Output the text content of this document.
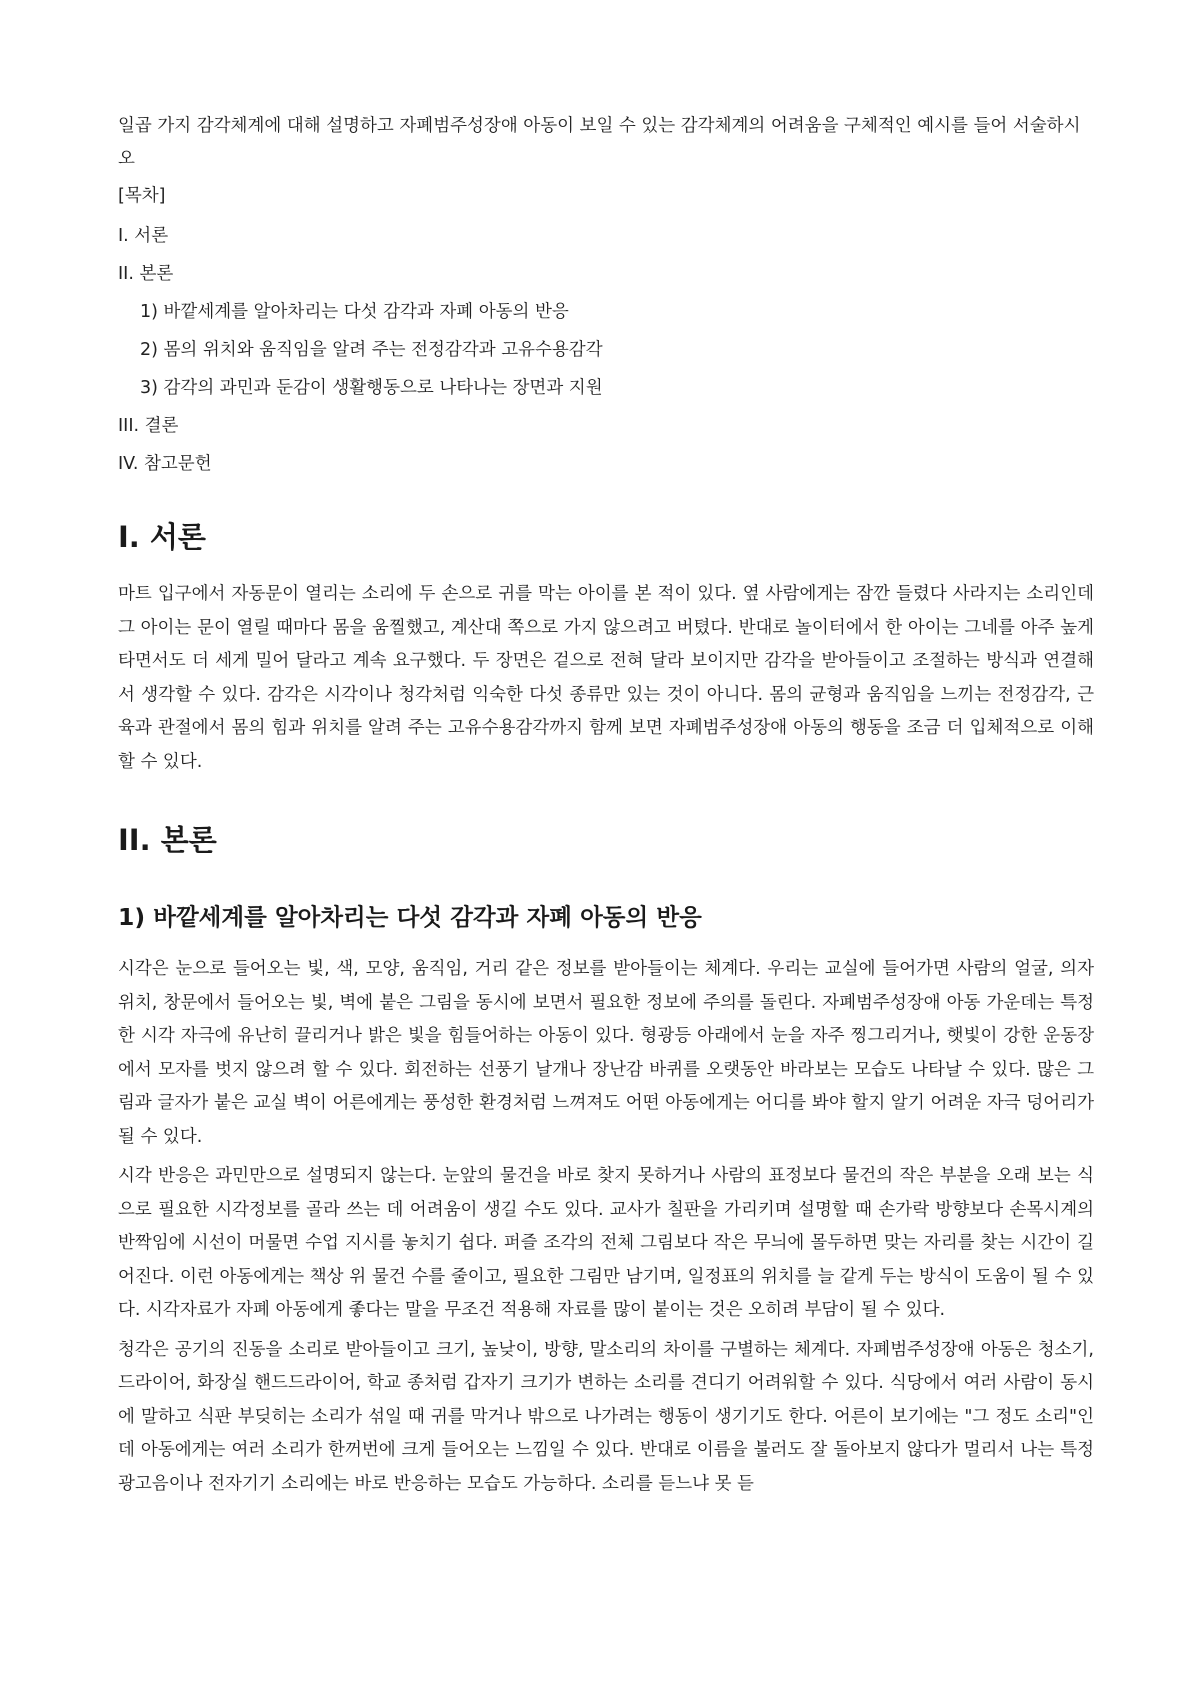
일곱 가지 감각체계에 대해 설명하고 자폐범주성장애 아동이 보일 수 있는 감각체계의 어려움을 구체적인 예시를 들어 서술하시오

[목차]
I. 서론
II. 본론
1) 바깥세계를 알아차리는 다섯 감각과 자폐 아동의 반응
2) 몸의 위치와 움직임을 알려 주는 전정감각과 고유수용감각
3) 감각의 과민과 둔감이 생활행동으로 나타나는 장면과 지원
III. 결론
IV. 참고문헌
I. 서론

마트 입구에서 자동문이 열리는 소리에 두 손으로 귀를 막는 아이를 본 적이 있다. 옆 사람에게는 잠깐 들렸다 사라지는 소리인데 그 아이는 문이 열릴 때마다 몸을 움찔했고, 계산대 쪽으로 가지 않으려고 버텼다. 반대로 놀이터에서 한 아이는 그네를 아주 높게 타면서도 더 세게 밀어 달라고 계속 요구했다. 두 장면은 겉으로 전혀 달라 보이지만 감각을 받아들이고 조절하는 방식과 연결해서 생각할 수 있다. 감각은 시각이나 청각처럼 익숙한 다섯 종류만 있는 것이 아니다. 몸의 균형과 움직임을 느끼는 전정감각, 근육과 관절에서 몸의 힘과 위치를 알려 주는 고유수용감각까지 함께 보면 자폐범주성장애 아동의 행동을 조금 더 입체적으로 이해할 수 있다.

II. 본론
1) 바깥세계를 알아차리는 다섯 감각과 자폐 아동의 반응

시각은 눈으로 들어오는 빛, 색, 모양, 움직임, 거리 같은 정보를 받아들이는 체계다. 우리는 교실에 들어가면 사람의 얼굴, 의자 위치, 창문에서 들어오는 빛, 벽에 붙은 그림을 동시에 보면서 필요한 정보에 주의를 돌린다. 자폐범주성장애 아동 가운데는 특정한 시각 자극에 유난히 끌리거나 밝은 빛을 힘들어하는 아동이 있다. 형광등 아래에서 눈을 자주 찡그리거나, 햇빛이 강한 운동장에서 모자를 벗지 않으려 할 수 있다. 회전하는 선풍기 날개나 장난감 바퀴를 오랫동안 바라보는 모습도 나타날 수 있다. 많은 그림과 글자가 붙은 교실 벽이 어른에게는 풍성한 환경처럼 느껴져도 어떤 아동에게는 어디를 봐야 할지 알기 어려운 자극 덩어리가 될 수 있다.

시각 반응은 과민만으로 설명되지 않는다. 눈앞의 물건을 바로 찾지 못하거나 사람의 표정보다 물건의 작은 부분을 오래 보는 식으로 필요한 시각정보를 골라 쓰는 데 어려움이 생길 수도 있다. 교사가 칠판을 가리키며 설명할 때 손가락 방향보다 손목시계의 반짝임에 시선이 머물면 수업 지시를 놓치기 쉽다. 퍼즐 조각의 전체 그림보다 작은 무늬에 몰두하면 맞는 자리를 찾는 시간이 길어진다. 이런 아동에게는 책상 위 물건 수를 줄이고, 필요한 그림만 남기며, 일정표의 위치를 늘 같게 두는 방식이 도움이 될 수 있다. 시각자료가 자폐 아동에게 좋다는 말을 무조건 적용해 자료를 많이 붙이는 것은 오히려 부담이 될 수 있다.

청각은 공기의 진동을 소리로 받아들이고 크기, 높낮이, 방향, 말소리의 차이를 구별하는 체계다. 자폐범주성장애 아동은 청소기, 드라이어, 화장실 핸드드라이어, 학교 종처럼 갑자기 크기가 변하는 소리를 견디기 어려워할 수 있다. 식당에서 여러 사람이 동시에 말하고 식판 부딪히는 소리가 섞일 때 귀를 막거나 밖으로 나가려는 행동이 생기기도 한다. 어른이 보기에는 "그 정도 소리"인데 아동에게는 여러 소리가 한꺼번에 크게 들어오는 느낌일 수 있다. 반대로 이름을 불러도 잘 돌아보지 않다가 멀리서 나는 특정 광고음이나 전자기기 소리에는 바로 반응하는 모습도 가능하다. 소리를 듣느냐 못 듣
